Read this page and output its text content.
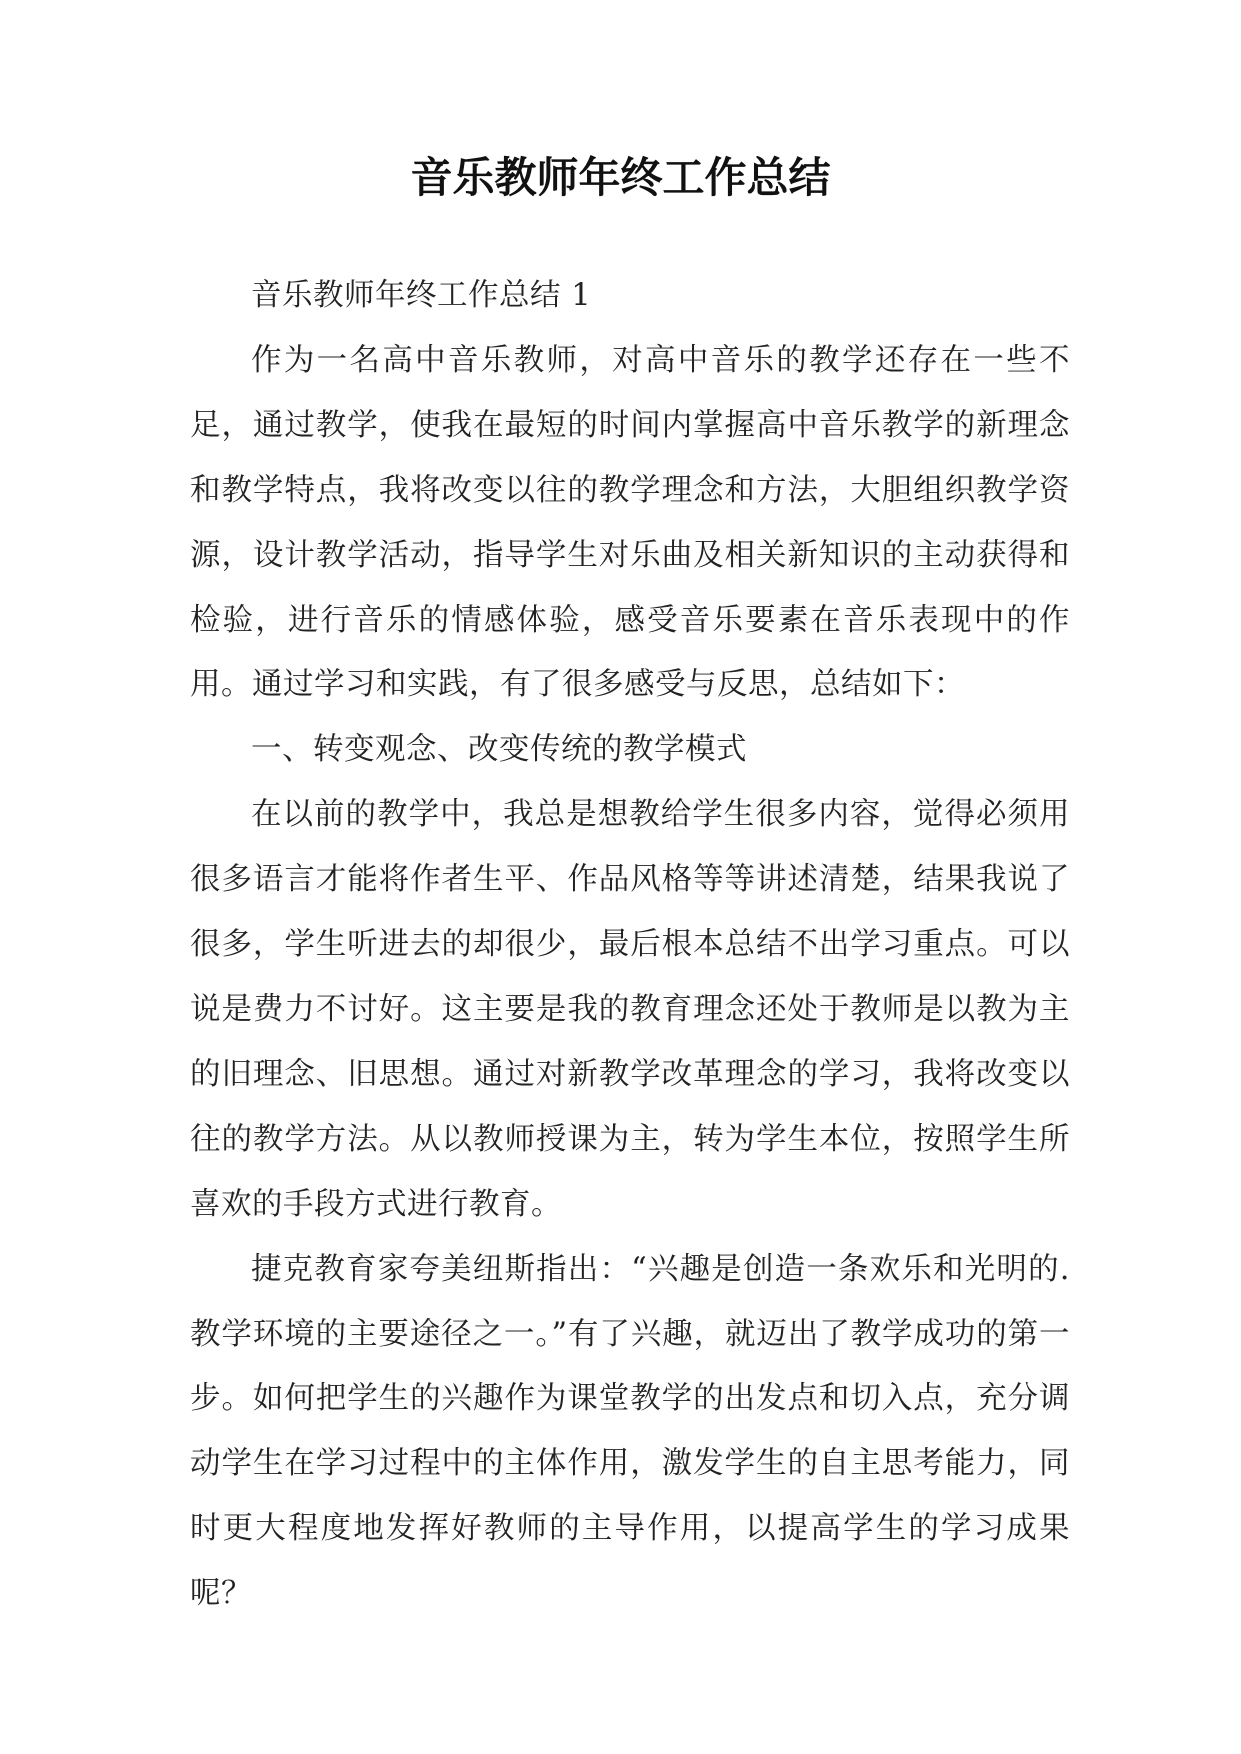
音乐教师年终工作总结

音乐教师年终工作总结 1

作为一名高中音乐教师，对高中音乐的教学还存在一些不足，通过教学，使我在最短的时间内掌握高中音乐教学的新理念和教学特点，我将改变以往的教学理念和方法，大胆组织教学资源，设计教学活动，指导学生对乐曲及相关新知识的主动获得和检验，进行音乐的情感体验，感受音乐要素在音乐表现中的作用。通过学习和实践，有了很多感受与反思，总结如下：

一、转变观念、改变传统的教学模式

在以前的教学中，我总是想教给学生很多内容，觉得必须用很多语言才能将作者生平、作品风格等等讲述清楚，结果我说了很多，学生听进去的却很少，最后根本总结不出学习重点。可以说是费力不讨好。这主要是我的教育理念还处于教师是以教为主的旧理念、旧思想。通过对新教学改革理念的学习，我将改变以往的教学方法。从以教师授课为主，转为学生本位，按照学生所喜欢的手段方式进行教育。

捷克教育家夸美纽斯指出：“兴趣是创造一条欢乐和光明的.教学环境的主要途径之一。”有了兴趣，就迈出了教学成功的第一步。如何把学生的兴趣作为课堂教学的出发点和切入点，充分调动学生在学习过程中的主体作用，激发学生的自主思考能力，同时更大程度地发挥好教师的主导作用，以提高学生的学习成果呢？
